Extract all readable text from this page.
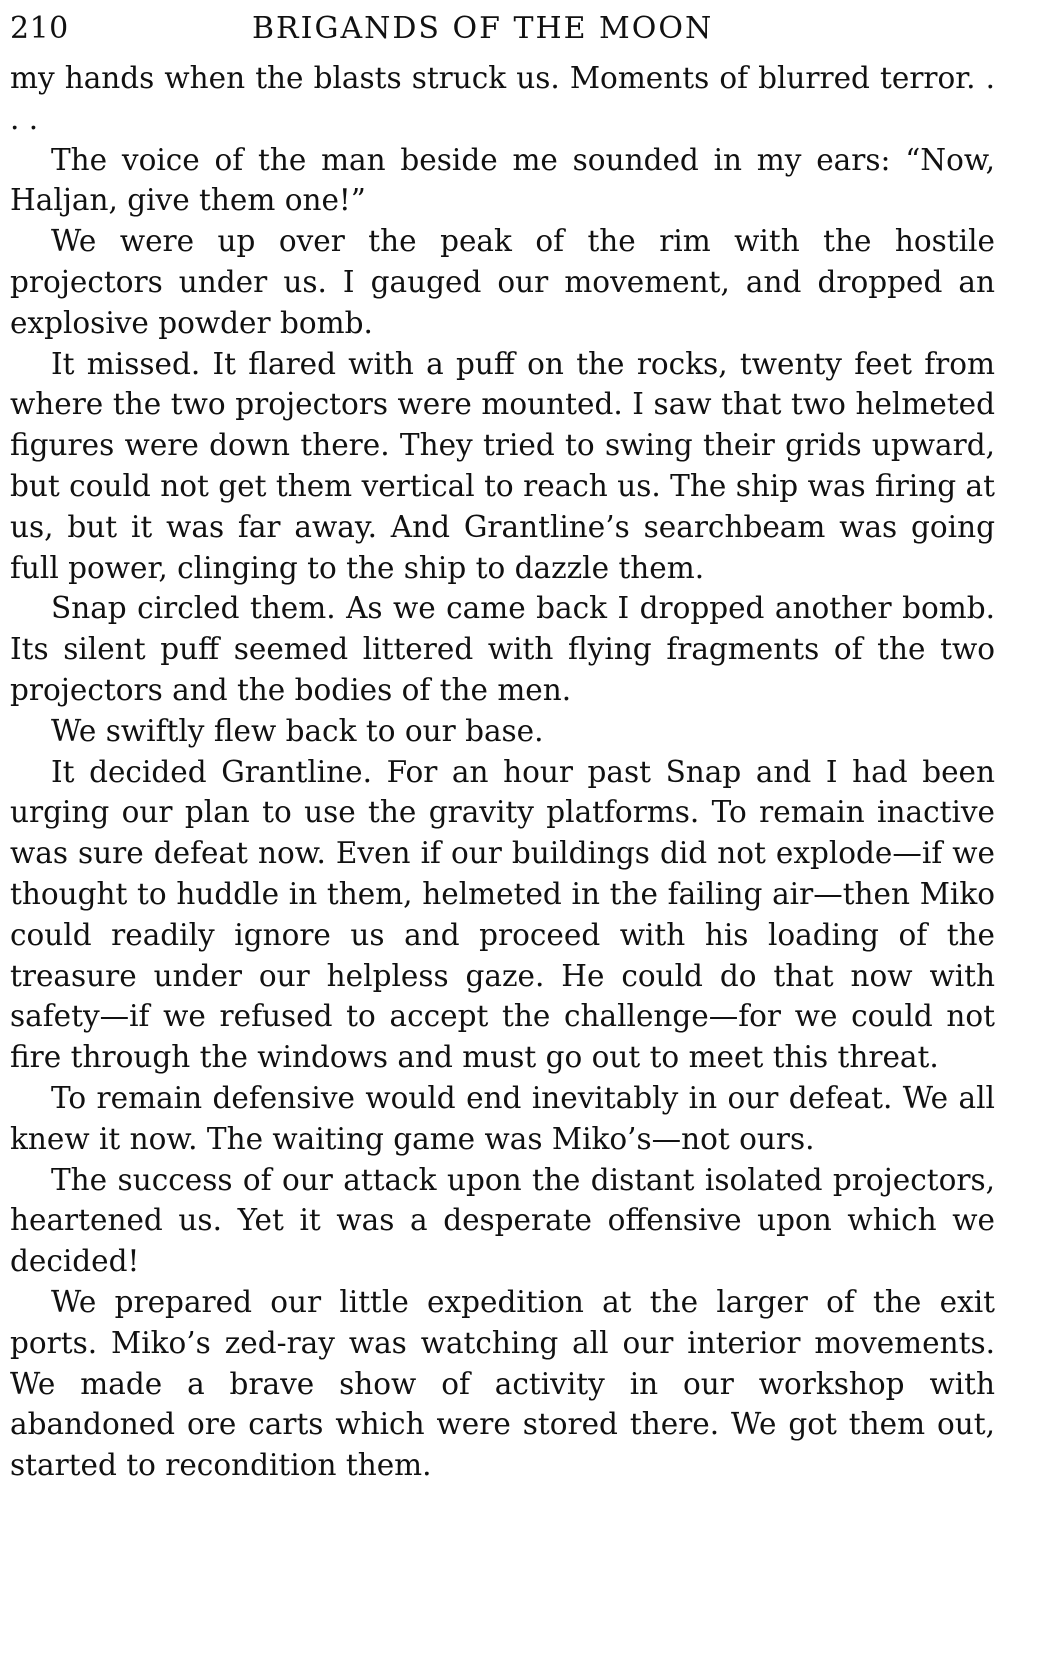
210	BRIGANDS OF THE MOON

my hands when the blasts struck us. Moments of blurred terror. . . .

The voice of the man beside me sounded in my ears: “Now, Haljan, give them one!”

We were up over the peak of the rim with the hostile projectors under us. I gauged our movement, and dropped an explosive powder bomb.

It missed. It flared with a puff on the rocks, twenty feet from where the two projectors were mounted. I saw that two helmeted figures were down there. They tried to swing their grids upward, but could not get them vertical to reach us. The ship was firing at us, but it was far away. And Grantline’s searchbeam was going full power, clinging to the ship to dazzle them.

Snap circled them. As we came back I dropped another bomb. Its silent puff seemed littered with flying fragments of the two projectors and the bodies of the men.

We swiftly flew back to our base.

It decided Grantline. For an hour past Snap and I had been urging our plan to use the gravity platforms. To remain inactive was sure defeat now. Even if our buildings did not explode—if we thought to huddle in them, helmeted in the failing air—then Miko could readily ignore us and proceed with his loading of the treasure under our helpless gaze. He could do that now with safety—if we refused to accept the challenge—for we could not fire through the windows and must go out to meet this threat.

To remain defensive would end inevitably in our defeat. We all knew it now. The waiting game was Miko’s—not ours.

The success of our attack upon the distant isolated projectors, heartened us. Yet it was a desperate offensive upon which we decided!

We prepared our little expedition at the larger of the exit ports. Miko’s zed-ray was watching all our interior movements. We made a brave show of activity in our workshop with abandoned ore carts which were stored there. We got them out, started to recondition them.
